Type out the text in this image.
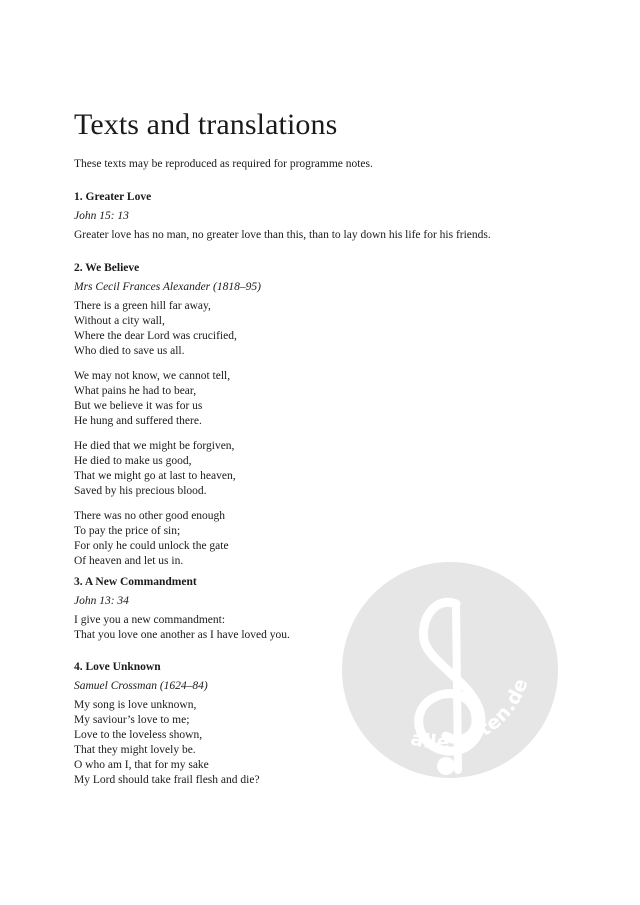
Texts and translations
These texts may be reproduced as required for programme notes.
1. Greater Love
John 15: 13
Greater love has no man, no greater love than this, than to lay down his life for his friends.
2. We Believe
Mrs Cecil Frances Alexander (1818–95)
There is a green hill far away,
Without a city wall,
Where the dear Lord was crucified,
Who died to save us all.
We may not know, we cannot tell,
What pains he had to bear,
But we believe it was for us
He hung and suffered there.
He died that we might be forgiven,
He died to make us good,
That we might go at last to heaven,
Saved by his precious blood.
There was no other good enough
To pay the price of sin;
For only he could unlock the gate
Of heaven and let us in.
3. A New Commandment
John 13: 34
I give you a new commandment:
That you love one another as I have loved you.
4. Love Unknown
Samuel Crossman (1624–84)
My song is love unknown,
My saviour’s love to me;
Love to the loveless shown,
That they might lovely be.
O who am I, that for my sake
My Lord should take frail flesh and die?
alle-noten.de
